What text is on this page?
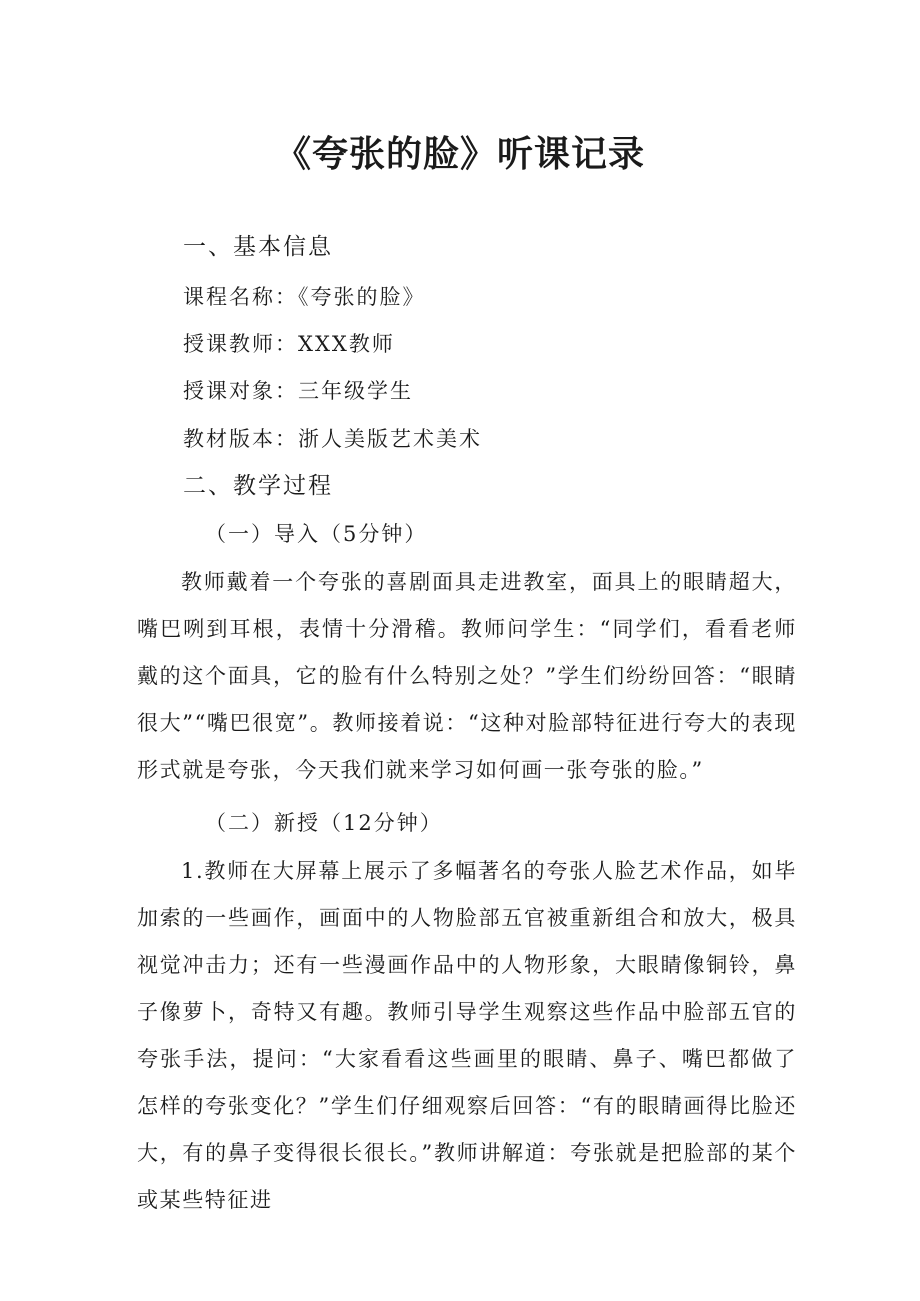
《夸张的脸》听课记录
一、基本信息
课程名称：《夸张的脸》
授课教师：XXX教师
授课对象：三年级学生
教材版本：浙人美版艺术美术
二、教学过程
（一）导入（5分钟）

教师戴着一个夸张的喜剧面具走进教室，面具上的眼睛超大，嘴巴咧到耳根，表情十分滑稽。教师问学生：“同学们，看看老师戴的这个面具，它的脸有什么特别之处？”学生们纷纷回答：“眼睛很大”“嘴巴很宽”。教师接着说：“这种对脸部特征进行夸大的表现形式就是夸张，今天我们就来学习如何画一张夸张的脸。”

（二）新授（12分钟）

1.教师在大屏幕上展示了多幅著名的夸张人脸艺术作品，如毕加索的一些画作，画面中的人物脸部五官被重新组合和放大，极具视觉冲击力；还有一些漫画作品中的人物形象，大眼睛像铜铃，鼻子像萝卜，奇特又有趣。教师引导学生观察这些作品中脸部五官的夸张手法，提问：“大家看看这些画里的眼睛、鼻子、嘴巴都做了怎样的夸张变化？”学生们仔细观察后回答：“有的眼睛画得比脸还大，有的鼻子变得很长很长。”教师讲解道：夸张就是把脸部的某个或某些特征进
